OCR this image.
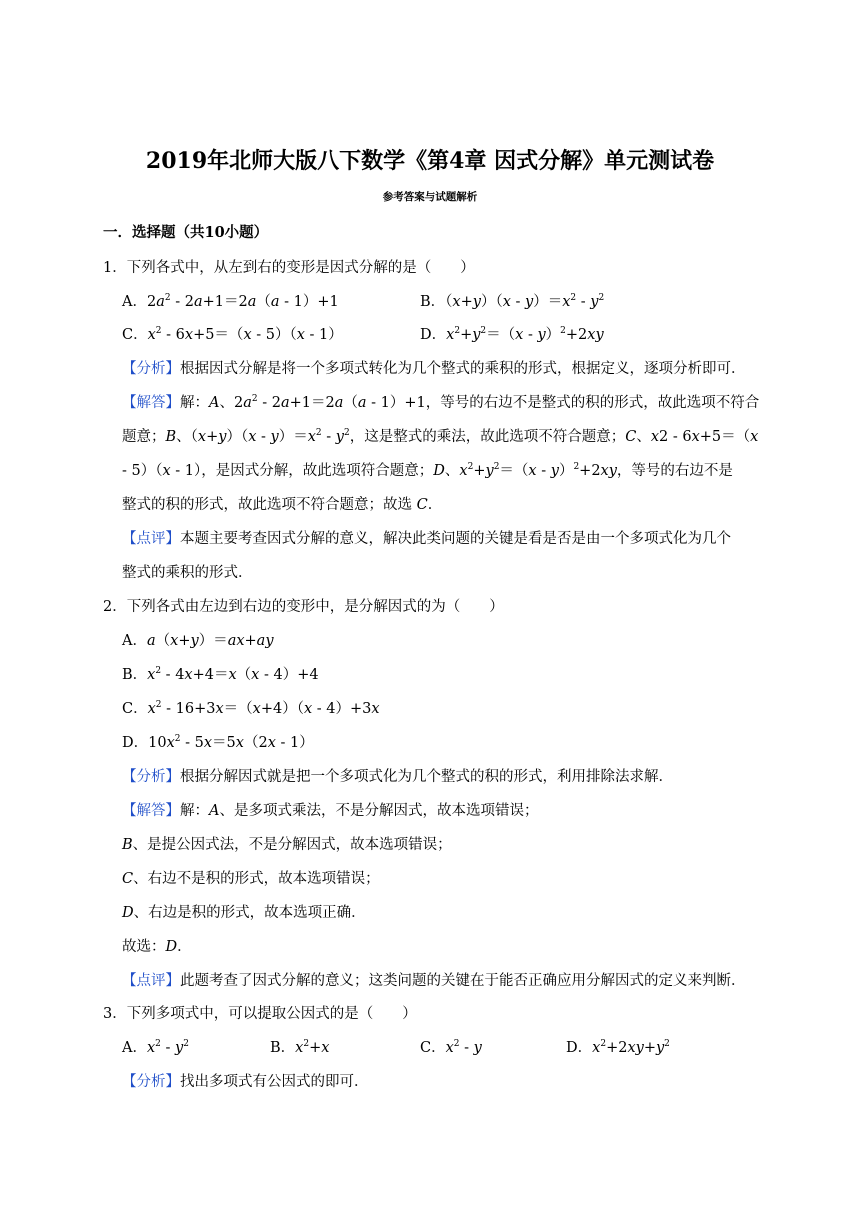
2019年北师大版八下数学《第4章 因式分解》单元测试卷
参考答案与试题解析
一．选择题（共10小题）
1．下列各式中，从左到右的变形是因式分解的是（　　）
A．$2a^2 - 2a+1=2a(a - 1)+1$	B．$(x+y)(x - y)=x^2 - y^2$
C．$x^2 - 6x+5=(x - 5)(x - 1)$	D．$x^2+y^2=(x - y)^2+2xy$
【分析】根据因式分解是将一个多项式转化为几个整式的乘积的形式，根据定义，逐项分析即可．
【解答】解：A、$2a^2 - 2a+1=2a(a - 1)+1$，等号的右边不是整式的积的形式，故此选项不符合
题意；B、$(x+y)(x - y)=x^2 - y^2$，这是整式的乘法，故此选项不符合题意；C、x2 - 6x+5＝（x
- 5）（x - 1），是因式分解，故此选项符合题意；D、$x^2+y^2=(x - y)^2+2xy$，等号的右边不是
整式的积的形式，故此选项不符合题意；故选 C．
【点评】本题主要考查因式分解的意义，解决此类问题的关键是看是否是由一个多项式化为几个
整式的乘积的形式．
2．下列各式由左边到右边的变形中，是分解因式的为（　　）
A．a（x+y）＝ax+ay
B．$x^2 - 4x+4=x(x - 4)+4$
C．$x^2 - 16+3x=(x+4)(x - 4)+3x$
D．$10x^2 - 5x=5x(2x - 1)$
【分析】根据分解因式就是把一个多项式化为几个整式的积的形式，利用排除法求解．
【解答】解：A、是多项式乘法，不是分解因式，故本选项错误；
B、是提公因式法，不是分解因式，故本选项错误；
C、右边不是积的形式，故本选项错误；
D、右边是积的形式，故本选项正确．
故选：D．
【点评】此题考查了因式分解的意义；这类问题的关键在于能否正确应用分解因式的定义来判断．
3．下列多项式中，可以提取公因式的是（　　）
A．$x^2 - y^2$	B．$x^2+x$	C．$x^2$ - y	D．$x^2+2xy+y^2$
【分析】找出多项式有公因式的即可．
